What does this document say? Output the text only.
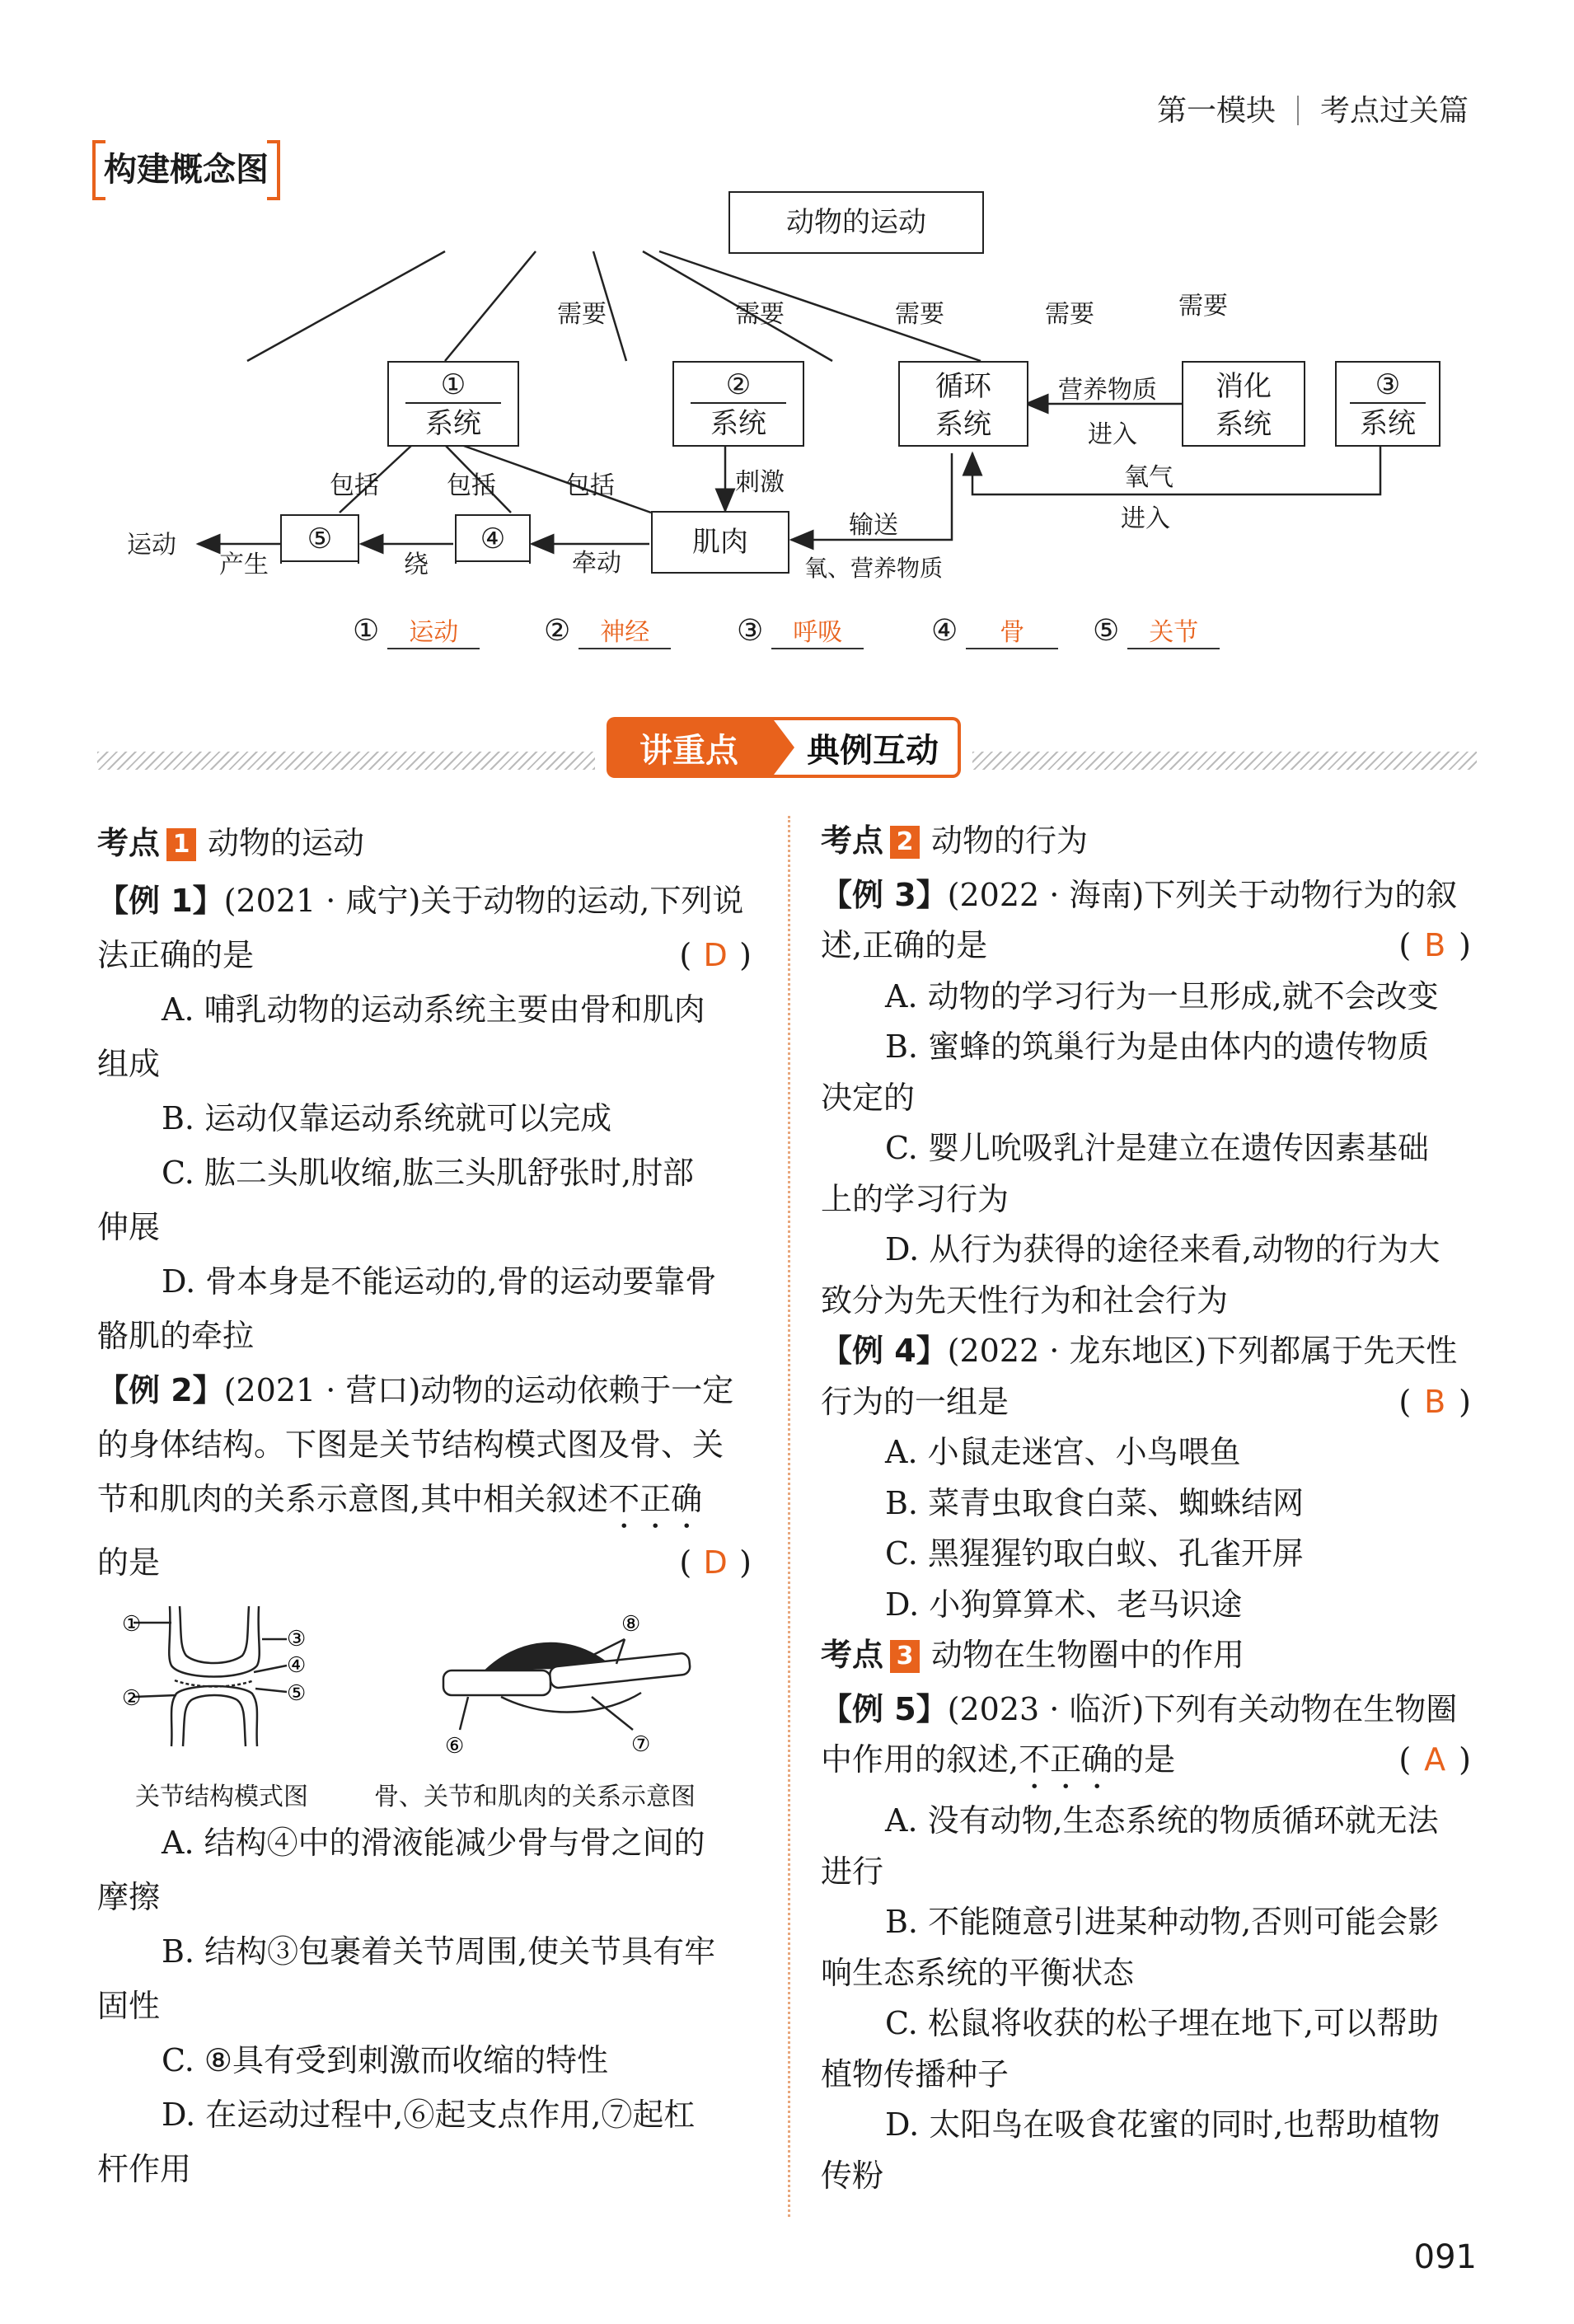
第一模块 考点过关篇
构建概念图
动物的运动
需要	需要	需要	需要	需要
①
系统
②
系统
循环
系统
消化
系统
③
系统
营养物质
进入
氧气
进入
包括	包括	包括	刺激
输送
氧、营养物质
肌肉
④
⑤
牵动
绕
产生
运动
① 运动	② 神经	③ 呼吸	④ 骨	⑤ 关节
讲重点	典例互动
考点 1 动物的运动
【例 1】(2021 · 咸宁)关于动物的运动,下列说
法正确的是	( D )
A. 哺乳动物的运动系统主要由骨和肌肉
组成
B. 运动仅靠运动系统就可以完成
C. 肱二头肌收缩,肱三头肌舒张时,肘部
伸展
D. 骨本身是不能运动的,骨的运动要靠骨
骼肌的牵拉
【例 2】(2021 · 营口)动物的运动依赖于一定
的身体结构。下图是关节结构模式图及骨、关
节和肌肉的关系示意图,其中相关叙述不正确
的是	( D )
①
②
③
④
⑤
⑧
⑥	⑦
关节结构模式图	骨、关节和肌肉的关系示意图
A. 结构④中的滑液能减少骨与骨之间的
摩擦
B. 结构③包裹着关节周围,使关节具有牢
固性
C. ⑧具有受到刺激而收缩的特性
D. 在运动过程中,⑥起支点作用,⑦起杠
杆作用
考点 2 动物的行为
【例 3】(2022 · 海南)下列关于动物行为的叙
述,正确的是	( B )
A. 动物的学习行为一旦形成,就不会改变
B. 蜜蜂的筑巢行为是由体内的遗传物质
决定的
C. 婴儿吮吸乳汁是建立在遗传因素基础
上的学习行为
D. 从行为获得的途径来看,动物的行为大
致分为先天性行为和社会行为
【例 4】(2022 · 龙东地区)下列都属于先天性
行为的一组是	( B )
A. 小鼠走迷宫、小鸟喂鱼
B. 菜青虫取食白菜、蜘蛛结网
C. 黑猩猩钓取白蚁、孔雀开屏
D. 小狗算算术、老马识途
考点 3 动物在生物圈中的作用
【例 5】(2023 · 临沂)下列有关动物在生物圈
中作用的叙述,不正确的是	( A )
A. 没有动物,生态系统的物质循环就无法
进行
B. 不能随意引进某种动物,否则可能会影
响生态系统的平衡状态
C. 松鼠将收获的松子埋在地下,可以帮助
植物传播种子
D. 太阳鸟在吸食花蜜的同时,也帮助植物
传粉
091
